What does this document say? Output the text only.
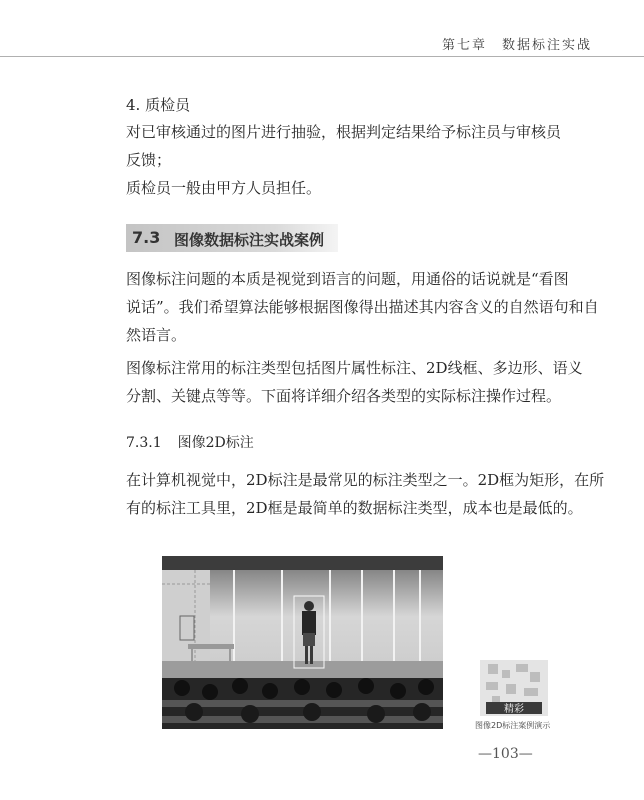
第七章　数据标注实战
4. 质检员
对已审核通过的图片进行抽验，根据判定结果给予标注员与审核员
反馈；
质检员一般由甲方人员担任。
7.3 图像数据标注实战案例
图像标注问题的本质是视觉到语言的问题，用通俗的话说就是“看图
说话”。我们希望算法能够根据图像得出描述其内容含义的自然语句和自
然语言。
图像标注常用的标注类型包括图片属性标注、2D线框、多边形、语义
分割、关键点等等。下面将详细介绍各类型的实际标注操作过程。
7.3.1 图像2D标注
在计算机视觉中，2D标注是最常见的标注类型之一。2D框为矩形，在所
有的标注工具里，2D框是最简单的数据标注类型，成本也是最低的。
精彩
图像2D标注案例演示
—103—
